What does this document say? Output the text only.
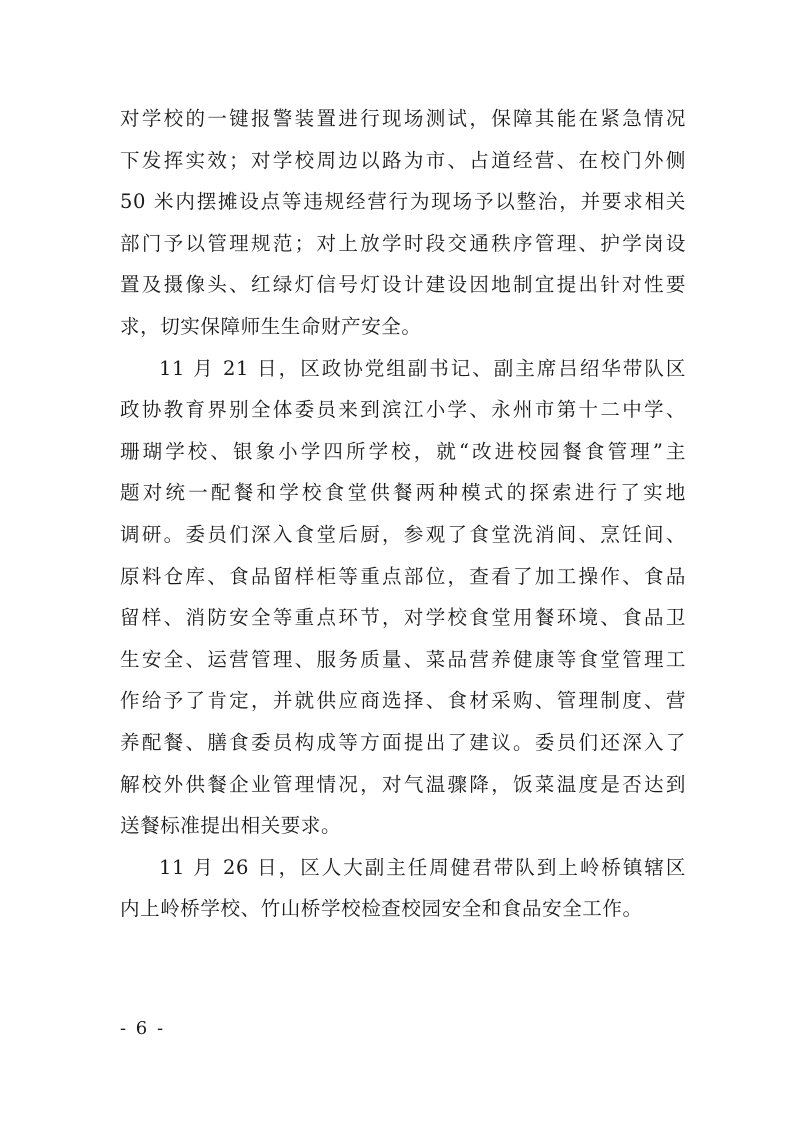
对学校的一键报警装置进行现场测试，保障其能在紧急情况
下发挥实效；对学校周边以路为市、占道经营、在校门外侧
50 米内摆摊设点等违规经营行为现场予以整治，并要求相关
部门予以管理规范；对上放学时段交通秩序管理、护学岗设
置及摄像头、红绿灯信号灯设计建设因地制宜提出针对性要
求，切实保障师生生命财产安全。
11 月 21 日，区政协党组副书记、副主席吕绍华带队区
政协教育界别全体委员来到滨江小学、永州市第十二中学、
珊瑚学校、银象小学四所学校，就“改进校园餐食管理”主
题对统一配餐和学校食堂供餐两种模式的探索进行了实地
调研。委员们深入食堂后厨，参观了食堂洗消间、烹饪间、
原料仓库、食品留样柜等重点部位，查看了加工操作、食品
留样、消防安全等重点环节，对学校食堂用餐环境、食品卫
生安全、运营管理、服务质量、菜品营养健康等食堂管理工
作给予了肯定，并就供应商选择、食材采购、管理制度、营
养配餐、膳食委员构成等方面提出了建议。委员们还深入了
解校外供餐企业管理情况，对气温骤降，饭菜温度是否达到
送餐标准提出相关要求。
11 月 26 日，区人大副主任周健君带队到上岭桥镇辖区
内上岭桥学校、竹山桥学校检查校园安全和食品安全工作。
- 6 -
